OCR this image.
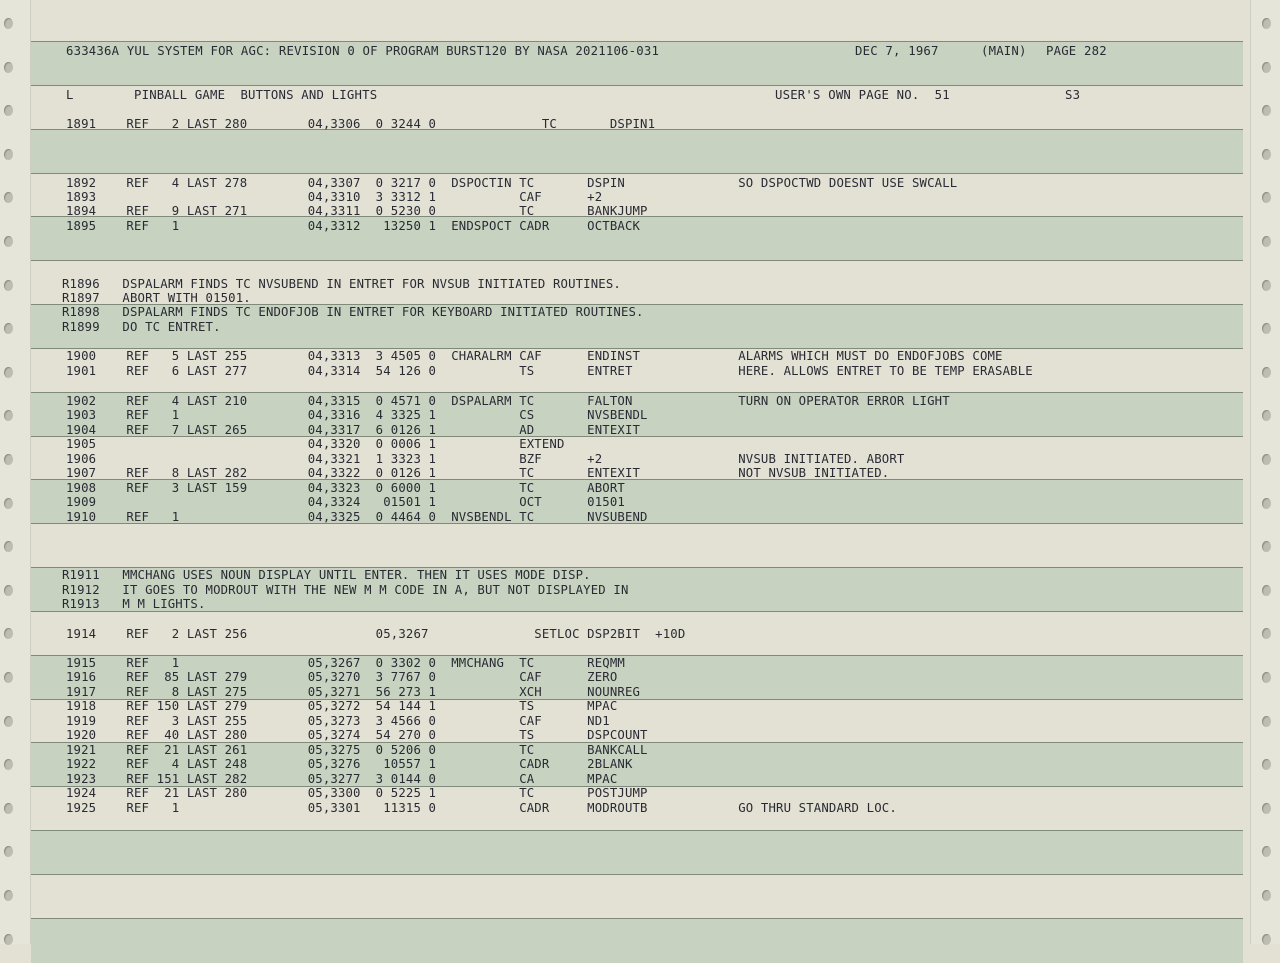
633436A YUL SYSTEM FOR AGC: REVISION 0 OF PROGRAM BURST120 BY NASA 2021106-031	DEC 7, 1967	(MAIN) PAGE 282
L	PINBALL GAME  BUTTONS AND LIGHTS	USER'S OWN PAGE NO.  51	S3
1891    REF   2 LAST 280        04,3306  0 3244 0              TC       DSPIN1
1892    REF   4 LAST 278        04,3307  0 3217 0  DSPOCTIN TC       DSPIN               SO DSPOCTWD DOESNT USE SWCALL
1893                            04,3310  3 3312 1           CAF      +2
1894    REF   9 LAST 271        04,3311  0 5230 0           TC       BANKJUMP
1895    REF   1                 04,3312   13250 1  ENDSPOCT CADR     OCTBACK
R1896   DSPALARM FINDS TC NVSUBEND IN ENTRET FOR NVSUB INITIATED ROUTINES.
R1897   ABORT WITH 01501.
R1898   DSPALARM FINDS TC ENDOFJOB IN ENTRET FOR KEYBOARD INITIATED ROUTINES.
R1899   DO TC ENTRET.
1900    REF   5 LAST 255        04,3313  3 4505 0  CHARALRM CAF      ENDINST             ALARMS WHICH MUST DO ENDOFJOBS COME
1901    REF   6 LAST 277        04,3314  54 126 0           TS       ENTRET              HERE. ALLOWS ENTRET TO BE TEMP ERASABLE
1902    REF   4 LAST 210        04,3315  0 4571 0  DSPALARM TC       FALTON              TURN ON OPERATOR ERROR LIGHT
1903    REF   1                 04,3316  4 3325 1           CS       NVSBENDL
1904    REF   7 LAST 265        04,3317  6 0126 1           AD       ENTEXIT
1905                            04,3320  0 0006 1           EXTEND
1906                            04,3321  1 3323 1           BZF      +2                  NVSUB INITIATED. ABORT
1907    REF   8 LAST 282        04,3322  0 0126 1           TC       ENTEXIT             NOT NVSUB INITIATED.
1908    REF   3 LAST 159        04,3323  0 6000 1           TC       ABORT
1909                            04,3324   01501 1           OCT      01501
1910    REF   1                 04,3325  0 4464 0  NVSBENDL TC       NVSUBEND
R1911   MMCHANG USES NOUN DISPLAY UNTIL ENTER. THEN IT USES MODE DISP.
R1912   IT GOES TO MODROUT WITH THE NEW M M CODE IN A, BUT NOT DISPLAYED IN
R1913   M M LIGHTS.
1914    REF   2 LAST 256                 05,3267              SETLOC DSP2BIT  +10D
1915    REF   1                 05,3267  0 3302 0  MMCHANG  TC       REQMM
1916    REF  85 LAST 279        05,3270  3 7767 0           CAF      ZERO
1917    REF   8 LAST 275        05,3271  56 273 1           XCH      NOUNREG
1918    REF 150 LAST 279        05,3272  54 144 1           TS       MPAC
1919    REF   3 LAST 255        05,3273  3 4566 0           CAF      ND1
1920    REF  40 LAST 280        05,3274  54 270 0           TS       DSPCOUNT
1921    REF  21 LAST 261        05,3275  0 5206 0           TC       BANKCALL
1922    REF   4 LAST 248        05,3276   10557 1           CADR     2BLANK
1923    REF 151 LAST 282        05,3277  3 0144 0           CA       MPAC
1924    REF  21 LAST 280        05,3300  0 5225 1           TC       POSTJUMP
1925    REF   1                 05,3301   11315 0           CADR     MODROUTB            GO THRU STANDARD LOC.
